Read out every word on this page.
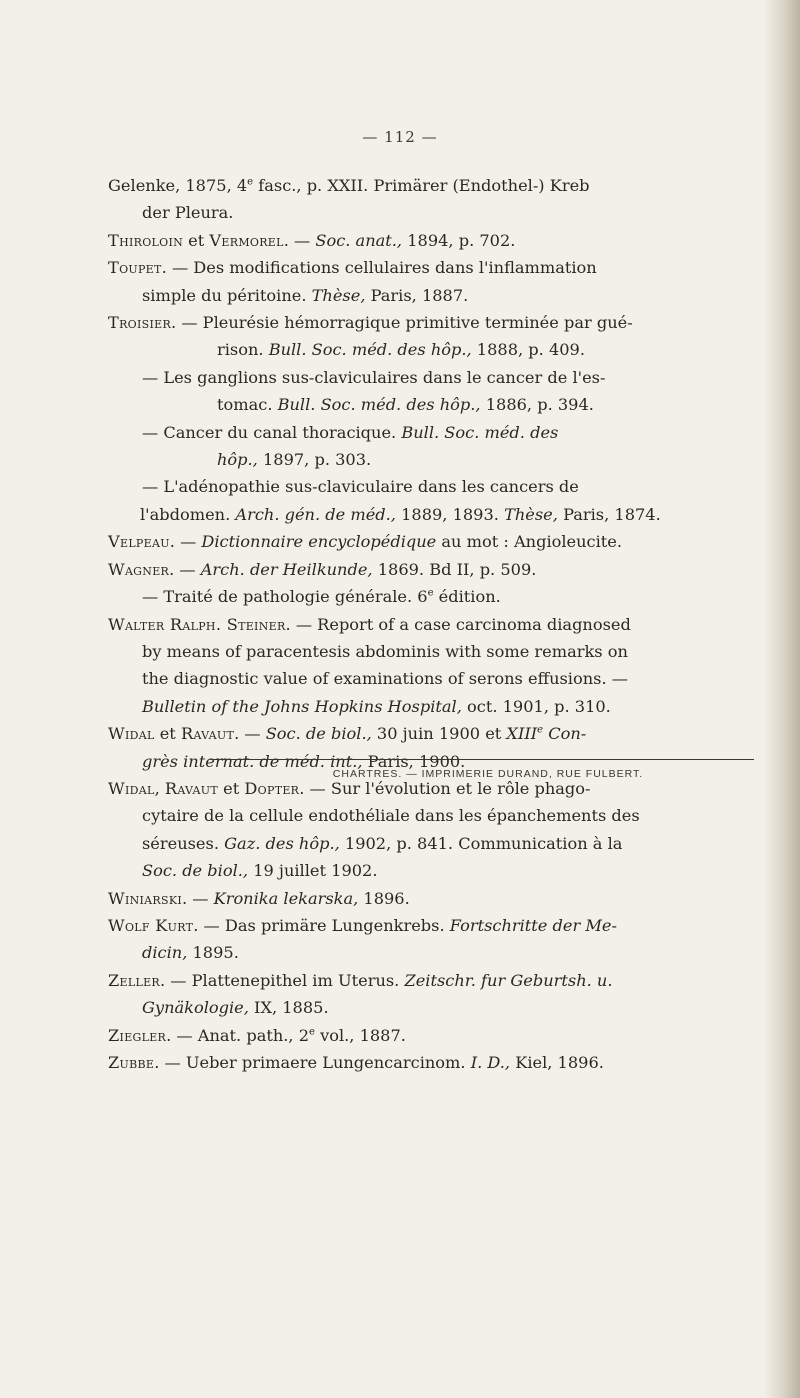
— 112 —
Gelenke, 1875, 4e fasc., p. XXII. Primärer (Endothel-) Kreb
der Pleura.
Thiroloin et Vermorel. — Soc. anat., 1894, p. 702.
Toupet. — Des modifications cellulaires dans l'inflammation
simple du péritoine. Thèse, Paris, 1887.
Troisier. — Pleurésie hémorragique primitive terminée par gué-
rison. Bull. Soc. méd. des hôp., 1888, p. 409.
— Les ganglions sus-claviculaires dans le cancer de l'es-
tomac. Bull. Soc. méd. des hôp., 1886, p. 394.
— Cancer du canal thoracique. Bull. Soc. méd. des
hôp., 1897, p. 303.
— L'adénopathie sus-claviculaire dans les cancers de
l'abdomen. Arch. gén. de méd., 1889, 1893. Thèse, Paris, 1874.
Velpeau. — Dictionnaire encyclopédique au mot : Angioleucite.
Wagner. — Arch. der Heilkunde, 1869. Bd II, p. 509.
— Traité de pathologie générale. 6e édition.
Walter Ralph. Steiner. — Report of a case carcinoma diagnosed
by means of paracentesis abdominis with some remarks on
the diagnostic value of examinations of serons effusions. —
Bulletin of the Johns Hopkins Hospital, oct. 1901, p. 310.
Widal et Ravaut. — Soc. de biol., 30 juin 1900 et XIIIe Con-
grès internat. de méd. int., Paris, 1900.
Widal, Ravaut et Dopter. — Sur l'évolution et le rôle phago-
cytaire de la cellule endothéliale dans les épanchements des
séreuses. Gaz. des hôp., 1902, p. 841. Communication à la
Soc. de biol., 19 juillet 1902.
Winiarski. — Kronika lekarska, 1896.
Wolf Kurt. — Das primäre Lungenkrebs. Fortschritte der Me-
dicin, 1895.
Zeller. — Plattenepithel im Uterus. Zeitschr. fur Geburtsh. u.
Gynäkologie, IX, 1885.
Ziegler. — Anat. path., 2e vol., 1887.
Zubbe. — Ueber primaere Lungencarcinom. I. D., Kiel, 1896.
CHARTRES. — IMPRIMERIE DURAND, RUE FULBERT.
